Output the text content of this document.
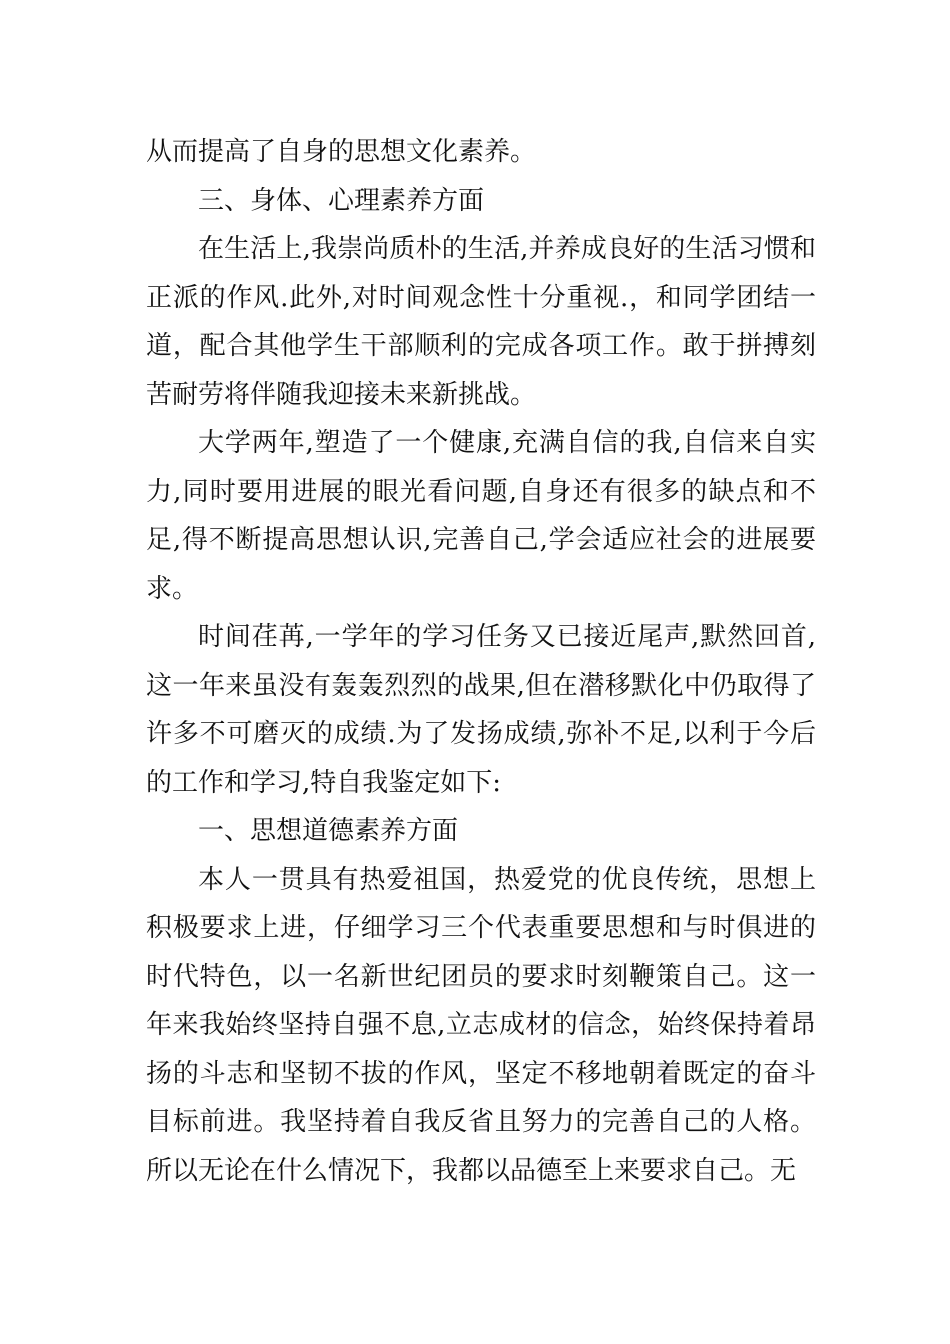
从而提高了自身的思想文化素养。

三、身体、心理素养方面

在生活上,我崇尚质朴的生活,并养成良好的生活习惯和正派的作风.此外,对时间观念性十分重视.，和同学团结一道，配合其他学生干部顺利的完成各项工作。敢于拼搏刻苦耐劳将伴随我迎接未来新挑战。

大学两年,塑造了一个健康,充满自信的我,自信来自实力,同时要用进展的眼光看问题,自身还有很多的缺点和不足,得不断提高思想认识,完善自己,学会适应社会的进展要求。

时间荏苒,一学年的学习任务又已接近尾声,默然回首,这一年来虽没有轰轰烈烈的战果,但在潜移默化中仍取得了许多不可磨灭的成绩.为了发扬成绩,弥补不足,以利于今后的工作和学习,特自我鉴定如下:

一、思想道德素养方面

本人一贯具有热爱祖国，热爱党的优良传统，思想上积极要求上进，仔细学习三个代表重要思想和与时俱进的时代特色，以一名新世纪团员的要求时刻鞭策自己。这一年来我始终坚持自强不息,立志成材的信念，始终保持着昂扬的斗志和坚韧不拔的作风，坚定不移地朝着既定的奋斗目标前进。我坚持着自我反省且努力的完善自己的人格。所以无论在什么情况下，我都以品德至上来要求自己。无
